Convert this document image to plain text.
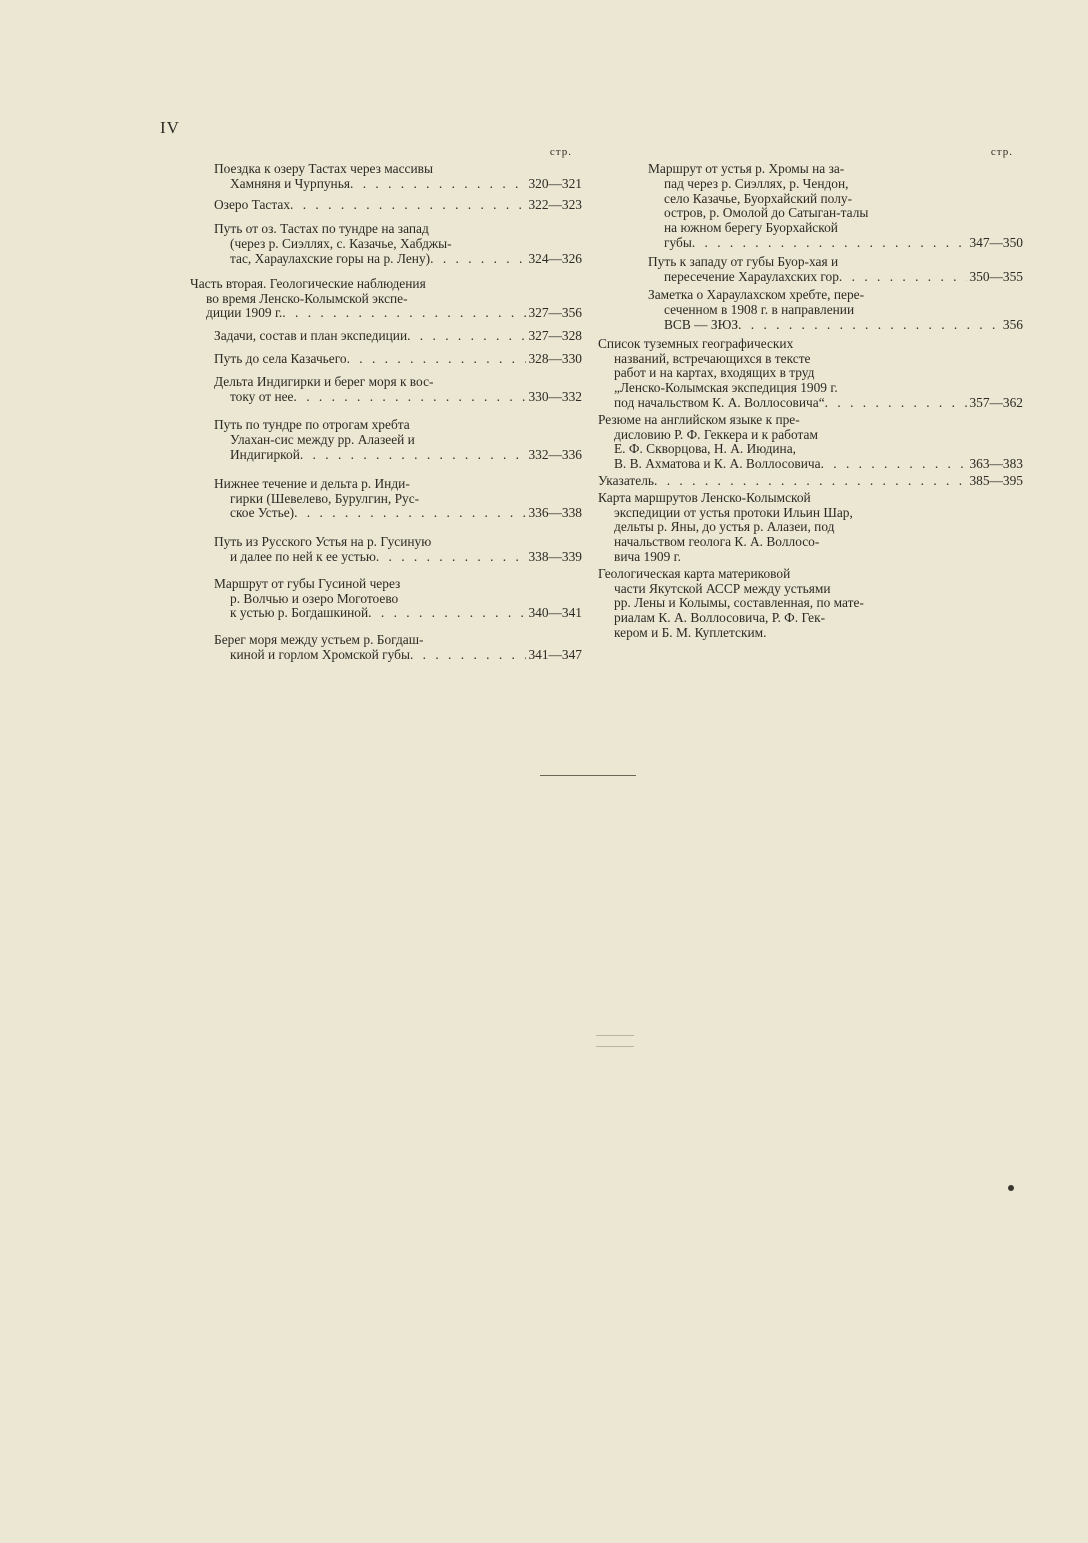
IV
стр.
Поездка к озеру Тастах через массивы
Хамняня и Чурпунья . . .	320—321
Озеро Тастах . . .	322—323
Путь от оз. Тастах по тундре на запад
(через р. Сиэллях, с. Казачье, Хабджы-
тас, Хараулахские горы на р. Лену) . . .	324—326
Часть вторая. Геологические наблюдения
во время Ленско-Колымской экспе-
диции 1909 г. . . .	327—356
Задачи, состав и план экспедиции . . .	327—328
Путь до села Казачьего . . .	328—330
Дельта Индигирки и берег моря к вос-
току от нее . . .	330—332
Путь по тундре по отрогам хребта
Улахан-сис между рр. Алазеей и
Индигиркой . . .	332—336
Нижнее течение и дельта р. Инди-
гирки (Шевелево, Бурулгин, Рус-
ское Устье) . . .	336—338
Путь из Русского Устья на р. Гусиную
и далее по ней к ее устью . . .	338—339
Маршрут от губы Гусиной через
р. Волчью и озеро Моготоево
к устью р. Богдашкиной . . .	340—341
Берег моря между устьем р. Богдаш-
киной и горлом Хромской губы . . .	341—347
стр.
Маршрут от устья р. Хромы на за-
пад через р. Сиэллях, р. Чендон,
село Казачье, Буорхайский полу-
остров, р. Омолой до Сатыган-талы
на южном берегу Буорхайской
губы . . .	347—350
Путь к западу от губы Буор-хая и
пересечение Хараулахских гор . . .	350—355
Заметка о Хараулахском хребте, пере-
сеченном в 1908 г. в направлении
ВСВ — ЗЮЗ . . .	356
Список туземных географических
названий, встречающихся в тексте
работ и на картах, входящих в труд
„Ленско-Колымская экспедиция 1909 г.
под начальством К. А. Воллосовича“ . . .	357—362
Резюме на английском языке к пре-
дисловию Р. Ф. Геккера и к работам
Е. Ф. Скворцова, Н. А. Июдина,
В. В. Ахматова и К. А. Воллосовича . . .	363—383
Указатель . . .	385—395
Карта маршрутов Ленско-Колымской
экспедиции от устья протоки Ильин Шар,
дельты р. Яны, до устья р. Алазеи, под
начальством геолога К. А. Воллосо-
вича 1909 г.
Геологическая карта материковой
части Якутской АССР между устьями
рр. Лены и Колымы, составленная, по мате-
риалам К. А. Воллосовича, Р. Ф. Гек-
кером и Б. М. Куплетским.
